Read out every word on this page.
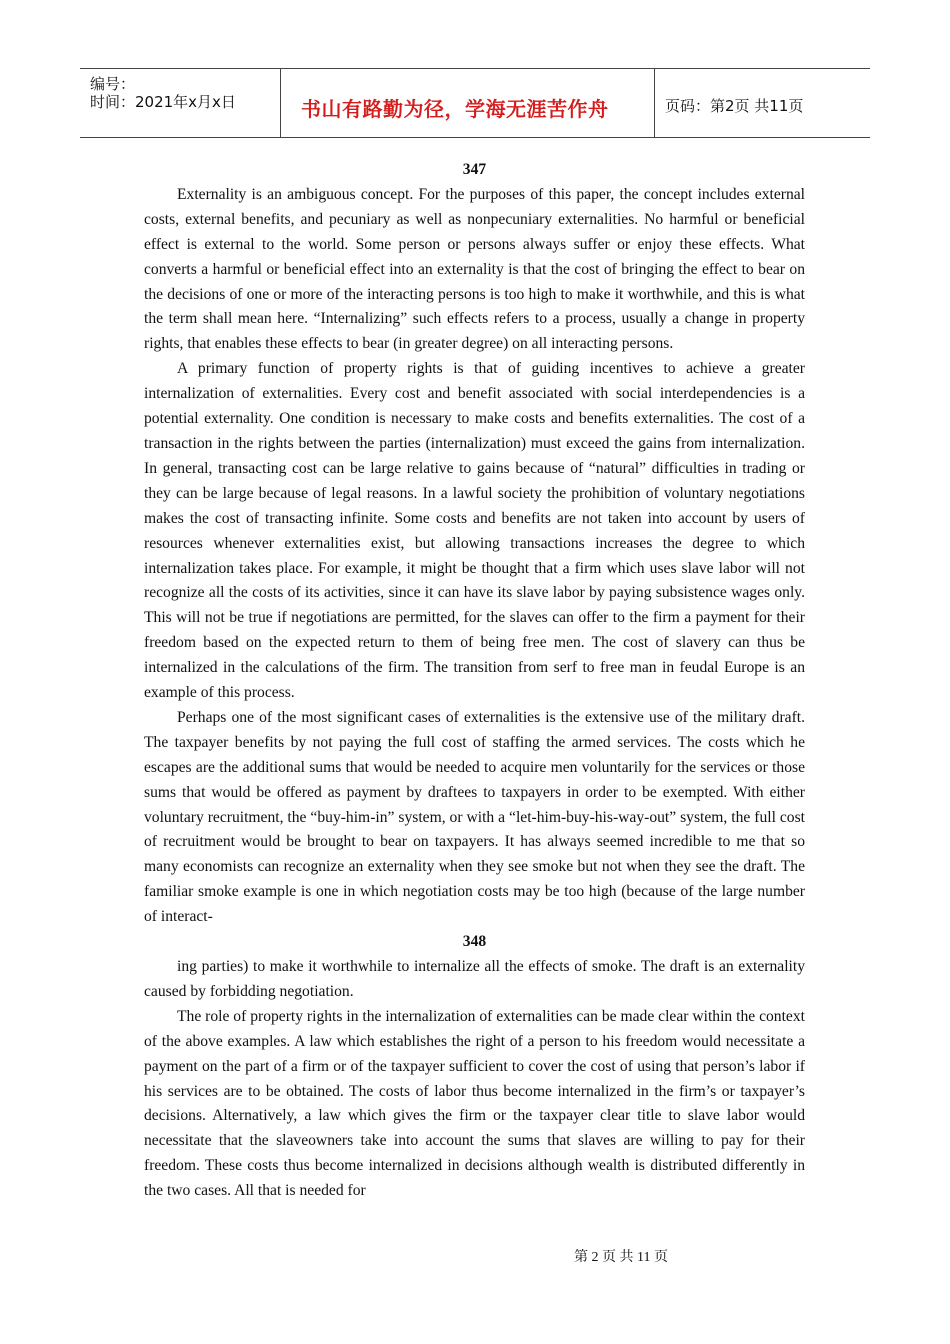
编号：
时间：2021年x月x日	书山有路勤为径，学海无涯苦作舟	页码：第2页 共11页
347

Externality is an ambiguous concept. For the purposes of this paper, the concept includes external costs, external benefits, and pecuniary as well as nonpecuniary externalities. No harmful or beneficial effect is external to the world. Some person or persons always suffer or enjoy these effects. What converts a harmful or beneficial effect into an externality is that the cost of bringing the effect to bear on the decisions of one or more of the interacting persons is too high to make it worthwhile, and this is what the term shall mean here. “Internalizing” such effects refers to a process, usually a change in property rights, that enables these effects to bear (in greater degree) on all interacting persons.

A primary function of property rights is that of guiding incentives to achieve a greater internalization of externalities. Every cost and benefit associated with social interdependencies is a potential externality. One condition is necessary to make costs and benefits externalities. The cost of a transaction in the rights between the parties (internalization) must exceed the gains from internalization. In general, transacting cost can be large relative to gains because of “natural” difficulties in trading or they can be large because of legal reasons. In a lawful society the prohibition of voluntary negotiations makes the cost of transacting infinite. Some costs and benefits are not taken into account by users of resources whenever externalities exist, but allowing transactions increases the degree to which internalization takes place. For example, it might be thought that a firm which uses slave labor will not recognize all the costs of its activities, since it can have its slave labor by paying subsistence wages only. This will not be true if negotiations are permitted, for the slaves can offer to the firm a payment for their freedom based on the expected return to them of being free men. The cost of slavery can thus be internalized in the calculations of the firm. The transition from serf to free man in feudal Europe is an example of this process.

Perhaps one of the most significant cases of externalities is the extensive use of the military draft. The taxpayer benefits by not paying the full cost of staffing the armed services. The costs which he escapes are the additional sums that would be needed to acquire men voluntarily for the services or those sums that would be offered as payment by draftees to taxpayers in order to be exempted. With either voluntary recruitment, the “buy-him-in” system, or with a “let-him-buy-his-way-out” system, the full cost of recruitment would be brought to bear on taxpayers. It has always seemed incredible to me that so many economists can recognize an externality when they see smoke but not when they see the draft. The familiar smoke example is one in which negotiation costs may be too high (because of the large number of interact-

348

ing parties) to make it worthwhile to internalize all the effects of smoke. The draft is an externality caused by forbidding negotiation.

The role of property rights in the internalization of externalities can be made clear within the context of the above examples. A law which establishes the right of a person to his freedom would necessitate a payment on the part of a firm or of the taxpayer sufficient to cover the cost of using that person’s labor if his services are to be obtained. The costs of labor thus become internalized in the firm’s or taxpayer’s decisions. Alternatively, a law which gives the firm or the taxpayer clear title to slave labor would necessitate that the slaveowners take into account the sums that slaves are willing to pay for their freedom. These costs thus become internalized in decisions although wealth is distributed differently in the two cases. All that is needed for

第 2 页 共 11 页
